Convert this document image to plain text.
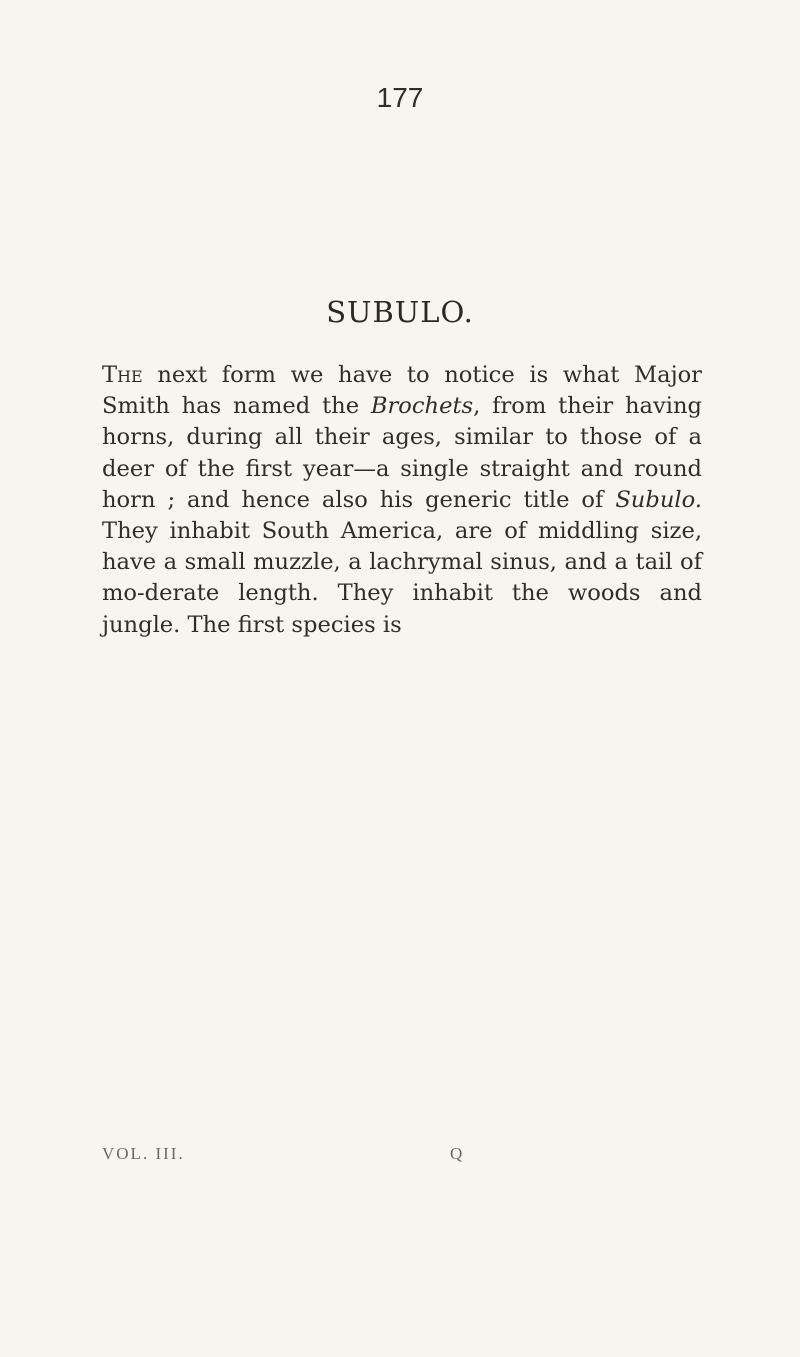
177
SUBULO.

The next form we have to notice is what Major Smith has named the Brochets, from their having horns, during all their ages, similar to those of a deer of the first year—a single straight and round horn ; and hence also his generic title of Subulo. They inhabit South America, are of middling size, have a small muzzle, a lachrymal sinus, and a tail of mo-derate length. They inhabit the woods and jungle. The first species is

VOL. III.	Q
